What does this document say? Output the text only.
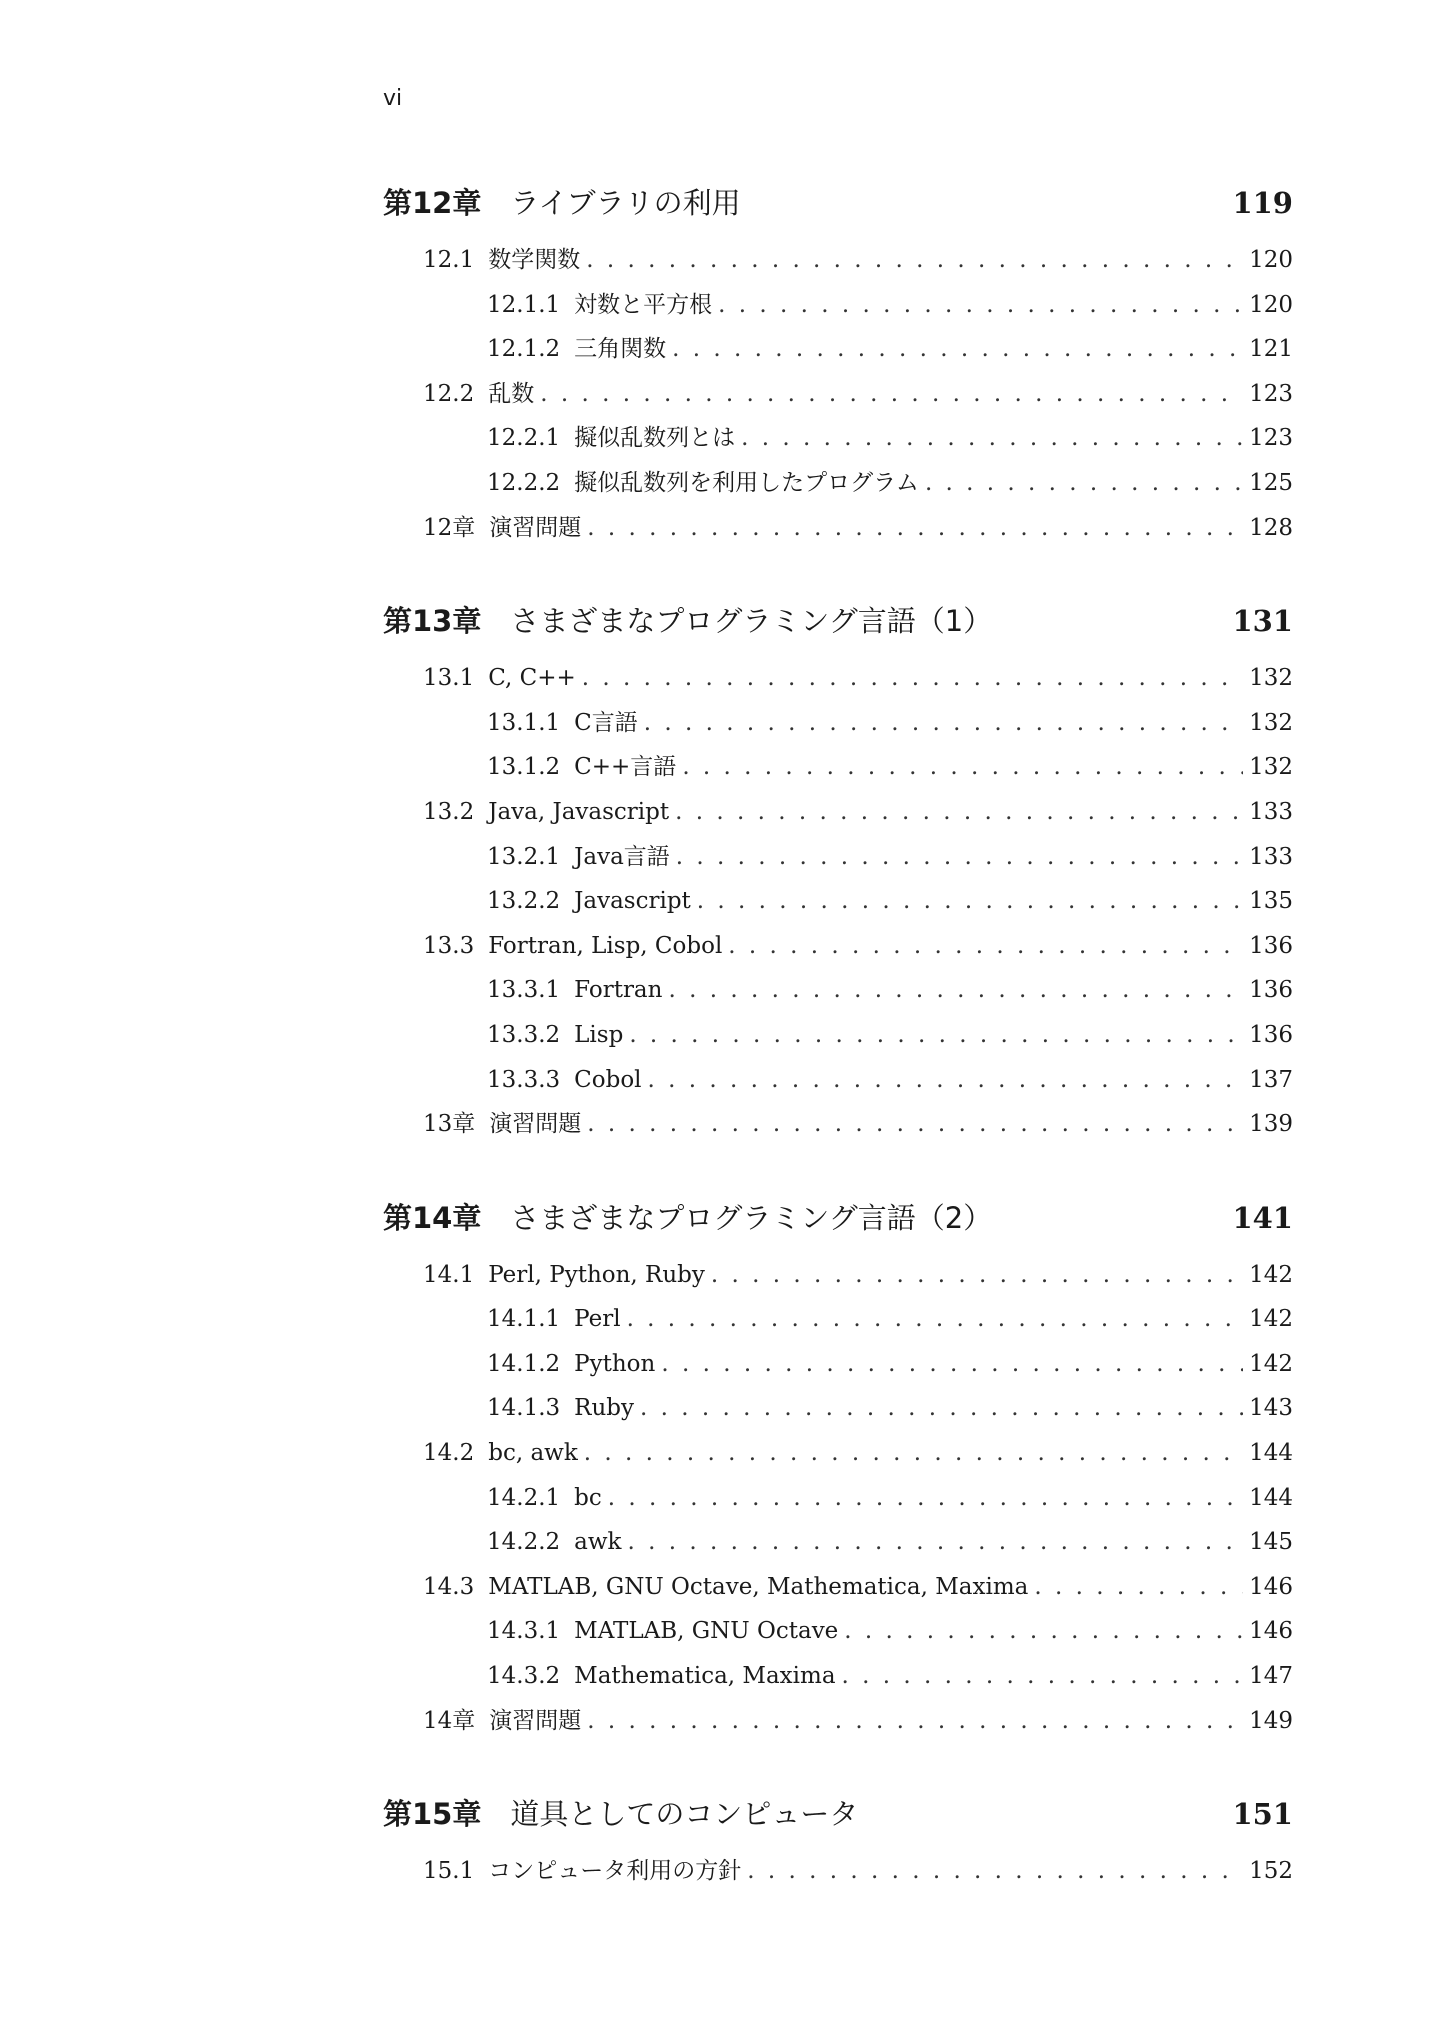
vi
第12章　 ライブラリの利用	119
12.1 数学関数 . . .	120
12.1.1 対数と平方根 . . .	120
12.1.2 三角関数 . . .	121
12.2 乱数 . . .	123
12.2.1 擬似乱数列とは . . .	123
12.2.2 擬似乱数列を利用したプログラム . . .	125
12章 演習問題 . . .	128
第13章　 さまざまなプログラミング言語（1）	131
13.1 C, C++ . . .	132
13.1.1 C言語 . . .	132
13.1.2 C++言語 . . .	132
13.2 Java, Javascript . . .	133
13.2.1 Java言語 . . .	133
13.2.2 Javascript . . .	135
13.3 Fortran, Lisp, Cobol . . .	136
13.3.1 Fortran . . .	136
13.3.2 Lisp . . .	136
13.3.3 Cobol . . .	137
13章 演習問題 . . .	139
第14章　 さまざまなプログラミング言語（2）	141
14.1 Perl, Python, Ruby . . .	142
14.1.1 Perl . . .	142
14.1.2 Python . . .	142
14.1.3 Ruby . . .	143
14.2 bc, awk . . .	144
14.2.1 bc . . .	144
14.2.2 awk . . .	145
14.3 MATLAB, GNU Octave, Mathematica, Maxima . . .	146
14.3.1 MATLAB, GNU Octave . . .	146
14.3.2 Mathematica, Maxima . . .	147
14章 演習問題 . . .	149
第15章　 道具としてのコンピュータ	151
15.1 コンピュータ利用の方針 . . .	152
